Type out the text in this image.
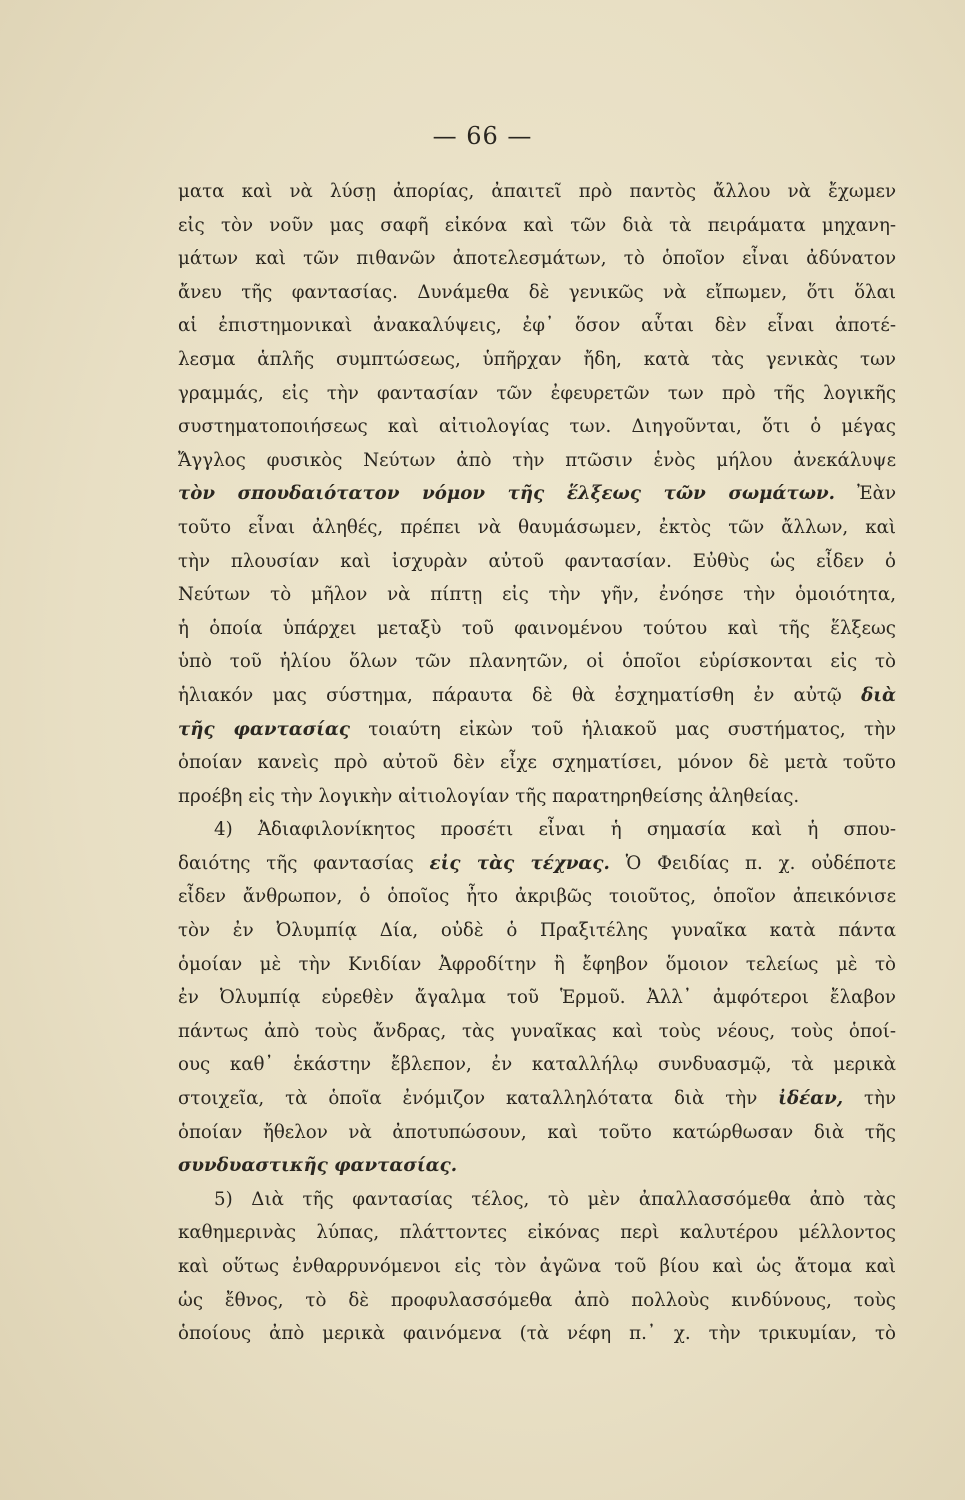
— 66 —
ματα καὶ νὰ λύσῃ ἀπορίας, ἀπαιτεῖ πρὸ παντὸς ἄλλου νὰ ἔχωμεν
εἰς τὸν νοῦν μας σαφῆ εἰκόνα καὶ τῶν διὰ τὰ πειράματα μηχανη-
μάτων καὶ τῶν πιθανῶν ἀποτελεσμάτων, τὸ ὁποῖον εἶναι ἀδύνατον
ἄνευ τῆς φαντασίας. Δυνάμεθα δὲ γενικῶς νὰ εἴπωμεν, ὅτι ὅλαι
αἱ ἐπιστημονικαὶ ἀνακαλύψεις, ἐφ᾽ ὅσον αὗται δὲν εἶναι ἀποτέ-
λεσμα ἁπλῆς συμπτώσεως, ὑπῆρχαν ἤδη, κατὰ τὰς γενικὰς των
γραμμάς, εἰς τὴν φαντασίαν τῶν ἐφευρετῶν των πρὸ τῆς λογικῆς
συστηματοποιήσεως καὶ αἰτιολογίας των. Διηγοῦνται, ὅτι ὁ μέγας
Ἄγγλος φυσικὸς Νεύτων ἀπὸ τὴν πτῶσιν ἑνὸς μήλου ἀνεκάλυψε
τὸν σπουδαιότατον νόμον τῆς ἕλξεως τῶν σωμάτων. Ἐὰν
τοῦτο εἶναι ἀληθές, πρέπει νὰ θαυμάσωμεν, ἐκτὸς τῶν ἄλλων, καὶ
τὴν πλουσίαν καὶ ἰσχυρὰν αὐτοῦ φαντασίαν. Εὐθὺς ὡς εἶδεν ὁ
Νεύτων τὸ μῆλον νὰ πίπτῃ εἰς τὴν γῆν, ἐνόησε τὴν ὁμοιότητα,
ἡ ὁποία ὑπάρχει μεταξὺ τοῦ φαινομένου τούτου καὶ τῆς ἕλξεως
ὑπὸ τοῦ ἡλίου ὅλων τῶν πλανητῶν, οἱ ὁποῖοι εὑρίσκονται εἰς τὸ
ἡλιακόν μας σύστημα, πάραυτα δὲ θὰ ἐσχηματίσθη ἐν αὐτῷ διὰ
τῆς φαντασίας τοιαύτη εἰκὼν τοῦ ἡλιακοῦ μας συστήματος, τὴν
ὁποίαν κανεὶς πρὸ αὐτοῦ δὲν εἶχε σχηματίσει, μόνον δὲ μετὰ τοῦτο
προέβη εἰς τὴν λογικὴν αἰτιολογίαν τῆς παρατηρηθείσης ἀληθείας.
4) Ἀδιαφιλονίκητος προσέτι εἶναι ἡ σημασία καὶ ἡ σπου-
δαιότης τῆς φαντασίας εἰς τὰς τέχνας. Ὁ Φειδίας π. χ. οὐδέποτε
εἶδεν ἄνθρωπον, ὁ ὁποῖος ἦτο ἀκριβῶς τοιοῦτος, ὁποῖον ἀπεικόνισε
τὸν ἐν Ὀλυμπίᾳ Δία, οὐδὲ ὁ Πραξιτέλης γυναῖκα κατὰ πάντα
ὁμοίαν μὲ τὴν Κνιδίαν Ἀφροδίτην ἢ ἔφηβον ὅμοιον τελείως μὲ τὸ
ἐν Ὀλυμπίᾳ εὑρεθὲν ἄγαλμα τοῦ Ἑρμοῦ. Ἀλλ᾽ ἀμφότεροι ἔλαβον
πάντως ἀπὸ τοὺς ἄνδρας, τὰς γυναῖκας καὶ τοὺς νέους, τοὺς ὁποί-
ους καθ᾽ ἑκάστην ἔβλεπον, ἐν καταλλήλῳ συνδυασμῷ, τὰ μερικὰ
στοιχεῖα, τὰ ὁποῖα ἐνόμιζον καταλληλότατα διὰ τὴν ἰδέαν, τὴν
ὁποίαν ἤθελον νὰ ἀποτυπώσουν, καὶ τοῦτο κατώρθωσαν διὰ τῆς
συνδυαστικῆς φαντασίας.
5) Διὰ τῆς φαντασίας τέλος, τὸ μὲν ἀπαλλασσόμεθα ἀπὸ τὰς
καθημερινὰς λύπας, πλάττοντες εἰκόνας περὶ καλυτέρου μέλλοντος
καὶ οὕτως ἐνθαρρυνόμενοι εἰς τὸν ἀγῶνα τοῦ βίου καὶ ὡς ἄτομα καὶ
ὡς ἔθνος, τὸ δὲ προφυλασσόμεθα ἀπὸ πολλοὺς κινδύνους, τοὺς
ὁποίους ἀπὸ μερικὰ φαινόμενα (τὰ νέφη π.᾽ χ. τὴν τρικυμίαν, τὸ
